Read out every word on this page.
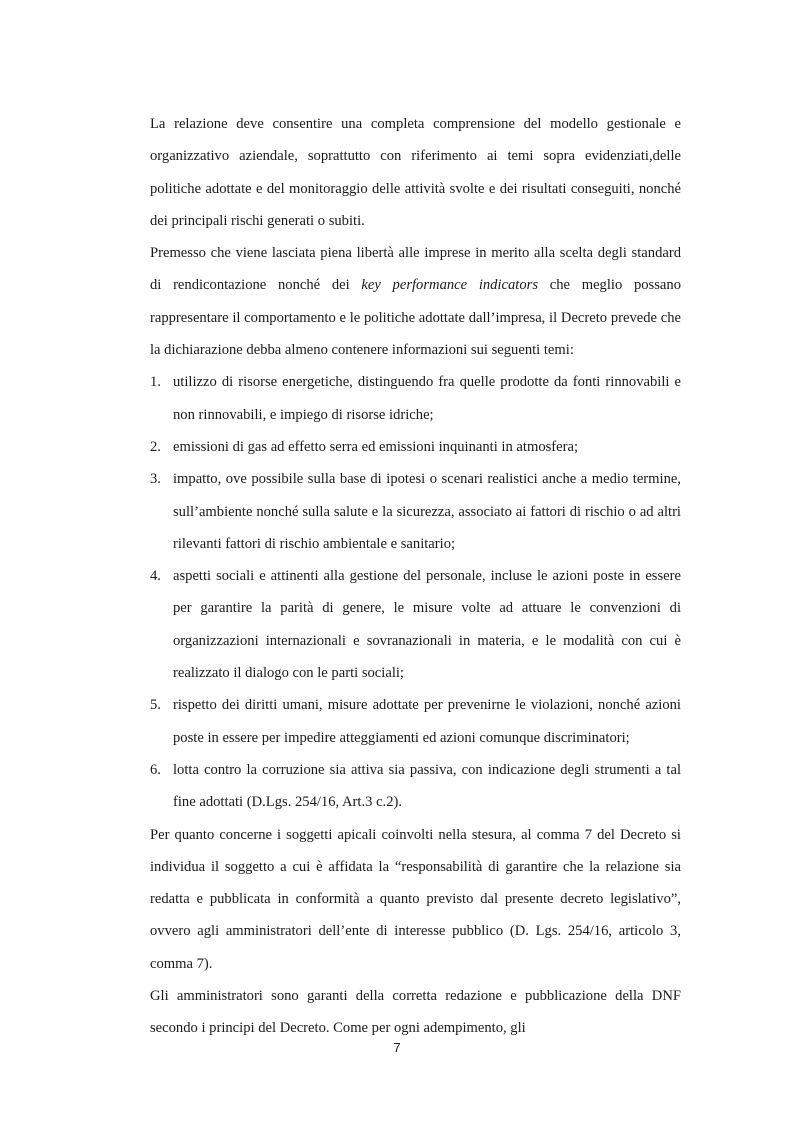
La relazione deve consentire una completa comprensione del modello gestionale e organizzativo aziendale, soprattutto con riferimento ai temi sopra evidenziati,delle politiche adottate e del monitoraggio delle attività svolte e dei risultati conseguiti, nonché dei principali rischi generati o subiti.

Premesso che viene lasciata piena libertà alle imprese in merito alla scelta degli standard di rendicontazione nonché dei key performance indicators che meglio possano rappresentare il comportamento e le politiche adottate dall’impresa, il Decreto prevede che la dichiarazione debba almeno contenere informazioni sui seguenti temi:

1. utilizzo di risorse energetiche, distinguendo fra quelle prodotte da fonti rinnovabili e non rinnovabili, e impiego di risorse idriche;
2. emissioni di gas ad effetto serra ed emissioni inquinanti in atmosfera;
3. impatto, ove possibile sulla base di ipotesi o scenari realistici anche a medio termine, sull’ambiente nonché sulla salute e la sicurezza, associato ai fattori di rischio o ad altri rilevanti fattori di rischio ambientale e sanitario;
4. aspetti sociali e attinenti alla gestione del personale, incluse le azioni poste in essere per garantire la parità di genere, le misure volte ad attuare le convenzioni di organizzazioni internazionali e sovranazionali in materia, e le modalità con cui è realizzato il dialogo con le parti sociali;
5. rispetto dei diritti umani, misure adottate per prevenirne le violazioni, nonché azioni poste in essere per impedire atteggiamenti ed azioni comunque discriminatori;
6. lotta contro la corruzione sia attiva sia passiva, con indicazione degli strumenti a tal fine adottati (D.Lgs. 254/16, Art.3 c.2).

Per quanto concerne i soggetti apicali coinvolti nella stesura, al comma 7 del Decreto si individua il soggetto a cui è affidata la “responsabilità di garantire che la relazione sia redatta e pubblicata in conformità a quanto previsto dal presente decreto legislativo”, ovvero agli amministratori dell’ente di interesse pubblico (D. Lgs. 254/16, articolo 3, comma 7).

Gli amministratori sono garanti della corretta redazione e pubblicazione della DNF secondo i principi del Decreto. Come per ogni adempimento, gli

7
